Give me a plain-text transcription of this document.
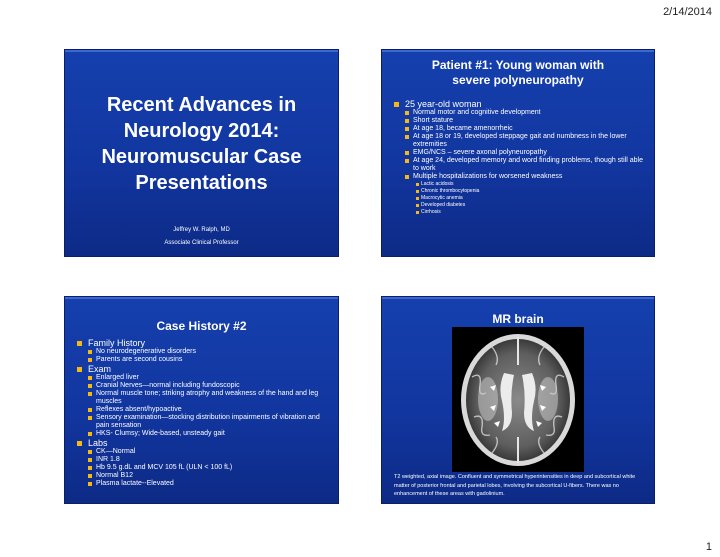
2/14/2014
Recent Advances in
Neurology 2014:
Neuromuscular Case
Presentations
Jeffrey W. Ralph, MD
Associate Clinical Professor
Patient #1: Young woman with
severe polyneuropathy
25 year-old woman
Normal motor and cognitive development
Short stature
At age 18, became amenorrheic
At age 18 or 19, developed steppage gait and numbness in the lower extremities
EMG/NCS – severe axonal polyneuropathy
At age 24, developed memory and word finding problems, though still able to work
Multiple hospitalizations for worsened weakness
Lactic acidosis
Chronic thrombocytopenia
Macrocytic anemia
Developed diabetes
Cirrhosis
Case History #2
Family History
No neurodegenerative disorders
Parents are second cousins
Exam
Enlarged liver
Cranial Nerves—normal including fundoscopic
Normal muscle tone; striking atrophy and weakness of the hand and leg muscles
Reflexes absent/hypoactive
Sensory examination—stocking distribution impairments of vibration and pain sensation
HKS- Clumsy; Wide-based, unsteady gait
Labs
CK—Normal
INR 1.8
Hb 9.5 g.dL and MCV 105 fL (ULN < 100 fL)
Normal B12
Plasma lactate--Elevated
MR brain
T2 weighted, axial image. Confluent and symmetrical hyperintensities in deep and subcortical white matter of posterior frontal and parietal lobes, involving the subcortical U-fibers. There was no enhancement of these areas with gadolinium.
1
